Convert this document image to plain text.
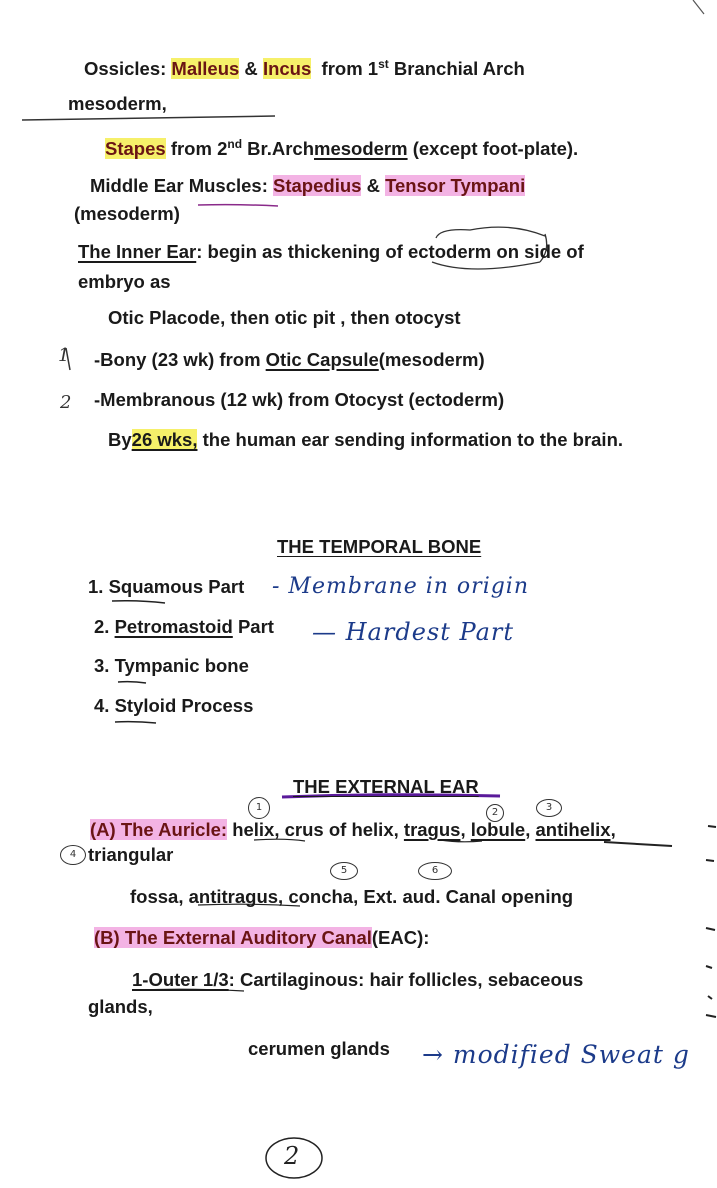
Ossicles: Malleus & Incus from 1st Branchial Arch
mesoderm,
Stapes from 2nd Br.Archmesoderm (except foot-plate).
Middle Ear Muscles: Stapedius & Tensor Tympani
(mesoderm)
The Inner Ear: begin as thickening of ectoderm on side of
embryo as
Otic Placode, then otic pit , then otocyst
1 -Bony (23 wk) from Otic Capsule(mesoderm)
2 -Membranous (12 wk) from Otocyst (ectoderm)
By26 wks, the human ear sending information to the brain.
THE TEMPORAL BONE
1. Squamous Part - Membrane in origin
2. Petromastoid Part — Hardest Part
3. Tympanic bone
4. Styloid Process
THE EXTERNAL EAR
1	2	3
(A) The Auricle: helix, crus of helix, tragus, lobule, antihelix,
4 triangular
5	6
fossa, antitragus, concha, Ext. aud. Canal opening
(B) The External Auditory Canal(EAC):
1-Outer 1/3: Cartilaginous: hair follicles, sebaceous
glands,
cerumen glands → modified Sweat g
2
